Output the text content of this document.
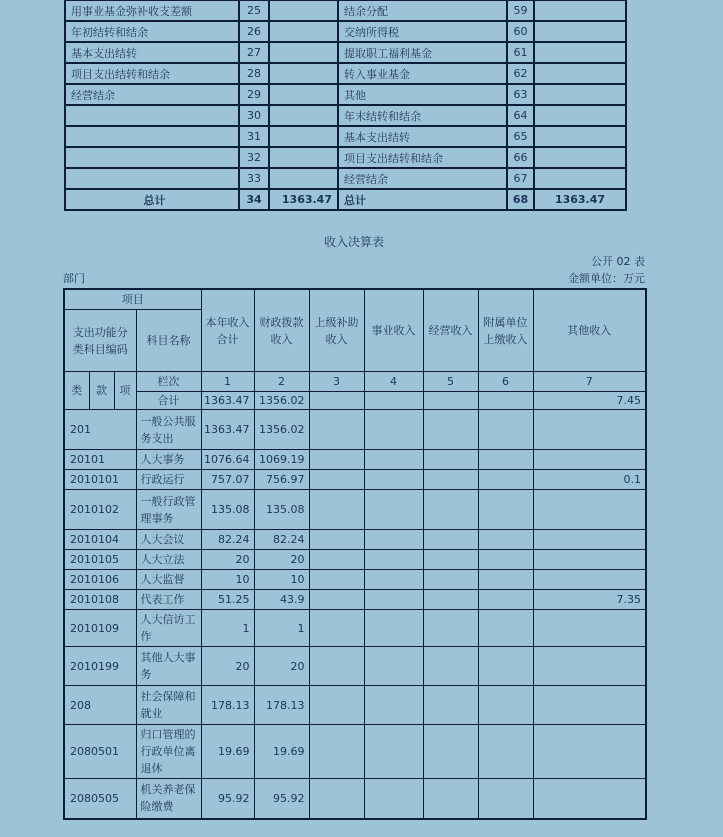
用事业基金弥补收支差额	25		结余分配	59	
年初结转和结余	26		交纳所得税	60	
基本支出结转	27		提取职工福利基金	61	
项目支出结转和结余	28		转入事业基金	62	
经营结余	29		其他	63	
	30		年末结转和结余	64	
	31		基本支出结转	65	
	32		项目支出结转和结余	66	
	33		经营结余	67	
总计	34	1363.47	总计	68	1363.47
收入决算表
公开 02 表
部门	金额单位：万元
项目				本年收入合计	财政拨款收入	上级补助收入	事业收入	经营收入	附属单位上缴收入	其他收入
支出功能分类科目编码			科目名称							
类	款	项	栏次	1	2	3	4	5	6	7
			合计	1363.47	1356.02					7.45
201			一般公共服务支出	1363.47	1356.02					
20101			人大事务	1076.64	1069.19					
2010101			行政运行	757.07	756.97					0.1
2010102			一般行政管理事务	135.08	135.08					
2010104			人大会议	82.24	82.24					
2010105			人大立法	20	20					
2010106			人大监督	10	10					
2010108			代表工作	51.25	43.9					7.35
2010109			人大信访工作	1	1					
2010199			其他人大事务	20	20					
208			社会保障和就业	178.13	178.13					
2080501			归口管理的行政单位离退休	19.69	19.69					
2080505			机关养老保险缴费	95.92	95.92					
